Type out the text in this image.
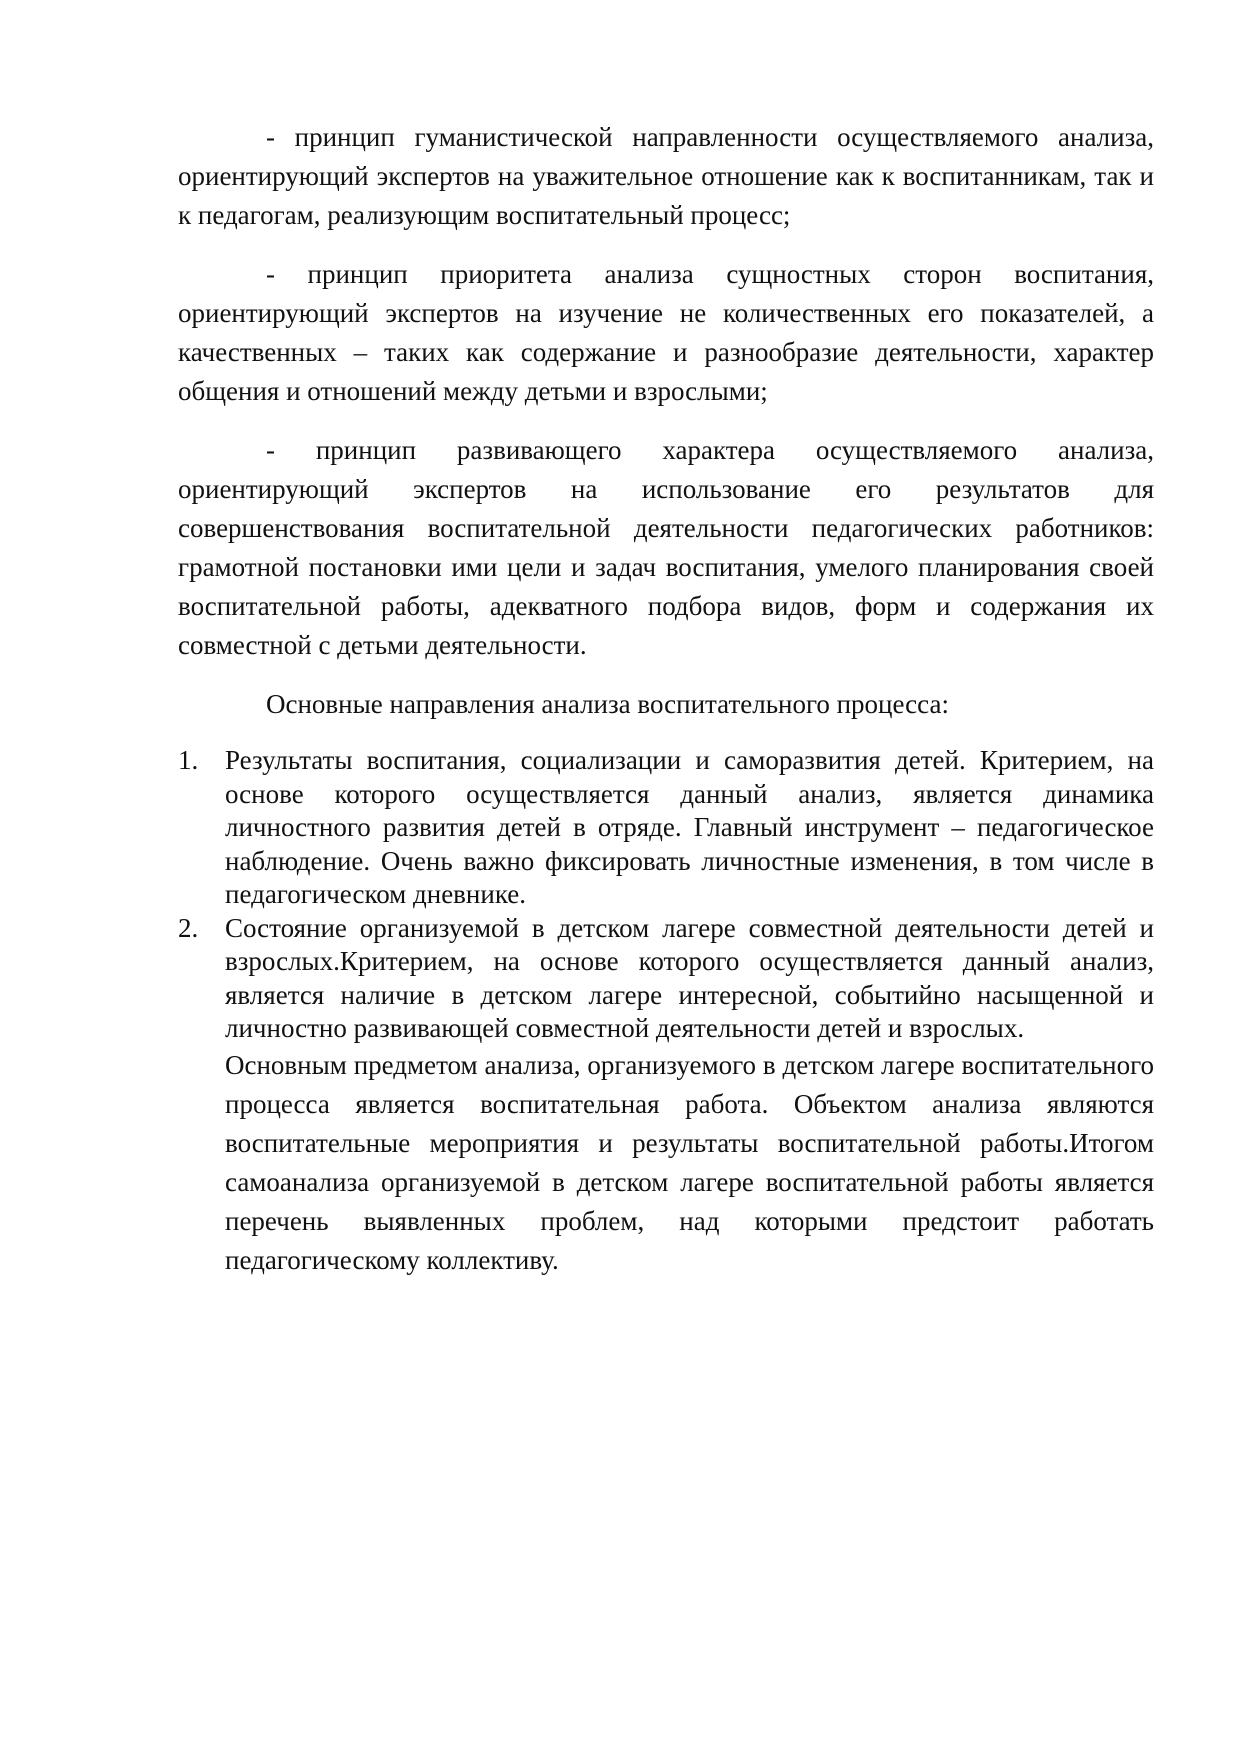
- принцип гуманистической направленности осуществляемого анализа, ориентирующий экспертов на уважительное отношение как к воспитанникам, так и к педагогам, реализующим воспитательный процесс;

- принцип приоритета анализа сущностных сторон воспитания, ориентирующий экспертов на изучение не количественных его показателей, а качественных – таких как содержание и разнообразие деятельности, характер общения и отношений между детьми и взрослыми;

- принцип развивающего характера осуществляемого анализа, ориентирующий экспертов на использование его результатов для совершенствования воспитательной деятельности педагогических работников: грамотной постановки ими цели и задач воспитания, умелого планирования своей воспитательной работы, адекватного подбора видов, форм и содержания их совместной с детьми деятельности.

Основные направления анализа воспитательного процесса:

1. Результаты воспитания, социализации и саморазвития детей. Критерием, на основе которого осуществляется данный анализ, является динамика личностного развития детей в отряде. Главный инструмент – педагогическое наблюдение. Очень важно фиксировать личностные изменения, в том числе в педагогическом дневнике.
2. Состояние организуемой в детском лагере совместной деятельности детей и взрослых.Критерием, на основе которого осуществляется данный анализ, является наличие в детском лагере интересной, событийно насыщенной и личностно развивающей совместной деятельности детей и взрослых.
Основным предметом анализа, организуемого в детском лагере воспитательного процесса является воспитательная работа. Объектом анализа являются воспитательные мероприятия и результаты воспитательной работы.Итогом самоанализа организуемой в детском лагере воспитательной работы является перечень выявленных проблем, над которыми предстоит работать педагогическому коллективу.
